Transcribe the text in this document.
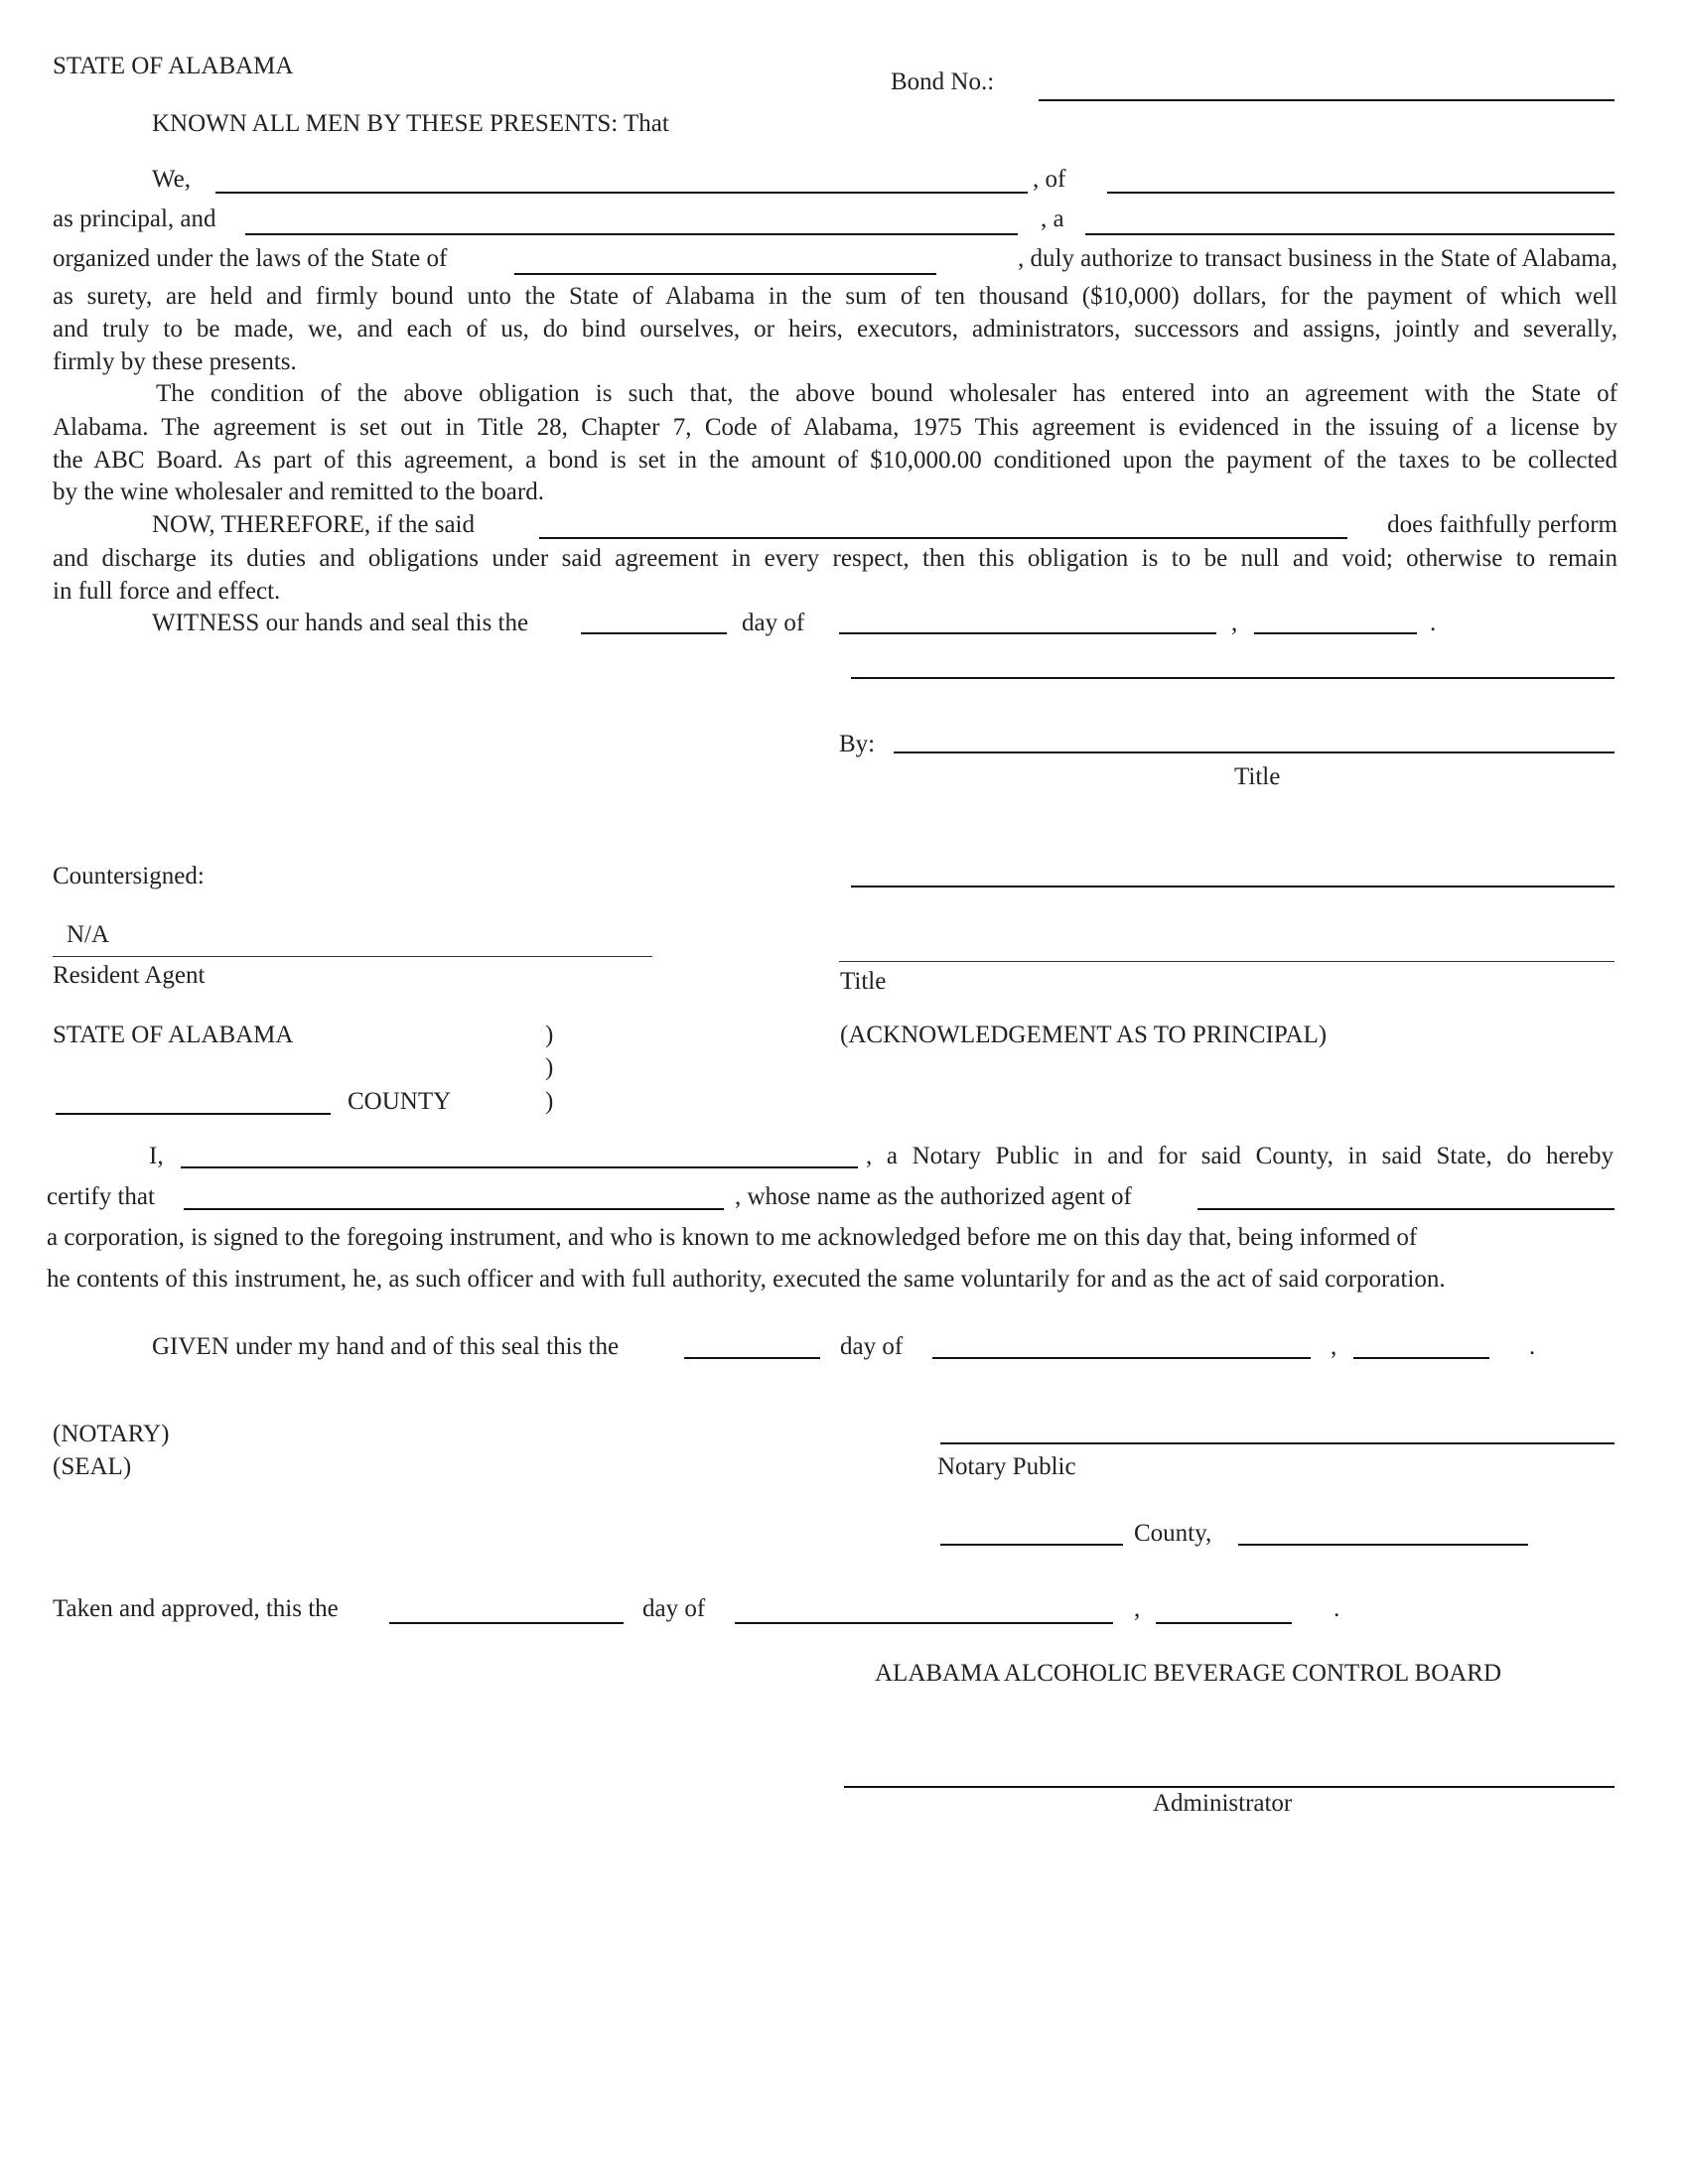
STATE OF ALABAMA
Bond No.:
KNOWN ALL MEN BY THESE PRESENTS: That
We,	, of
as principal, and	, a
organized under the laws of the State of	, duly authorize to transact business in the State of Alabama,
as surety, are held and firmly bound unto the State of Alabama in the sum of ten thousand ($10,000) dollars, for the payment of which well
and truly to be made, we, and each of us, do bind ourselves, or heirs, executors, administrators, successors and assigns, jointly and severally,
firmly by these presents.
The condition of the above obligation is such that, the above bound wholesaler has entered into an agreement with the State of
Alabama. The agreement is set out in Title 28, Chapter 7, Code of Alabama, 1975 This agreement is evidenced in the issuing of a license by
the ABC Board. As part of this agreement, a bond is set in the amount of $10,000.00 conditioned upon the payment of the taxes to be collected
by the wine wholesaler and remitted to the board.
NOW, THEREFORE, if the said	does faithfully perform
and discharge its duties and obligations under said agreement in every respect, then this obligation is to be null and void; otherwise to remain
in full force and effect.
WITNESS our hands and seal this the	day of	,	.
By:
Title
Countersigned:
N/A
Resident Agent	Title
STATE OF ALABAMA	)	(ACKNOWLEDGEMENT AS TO PRINCIPAL)
)
COUNTY	)
I,	, a Notary Public in and for said County, in said State, do hereby
certify that	, whose name as the authorized agent of
a corporation, is signed to the foregoing instrument, and who is known to me acknowledged before me on this day that, being informed of
he contents of this instrument, he, as such officer and with full authority, executed the same voluntarily for and as the act of said corporation.
GIVEN under my hand and of this seal this the	day of	,	.
(NOTARY)
(SEAL)	Notary Public
County,
Taken and approved, this the	day of	,	.
ALABAMA ALCOHOLIC BEVERAGE CONTROL BOARD
Administrator
